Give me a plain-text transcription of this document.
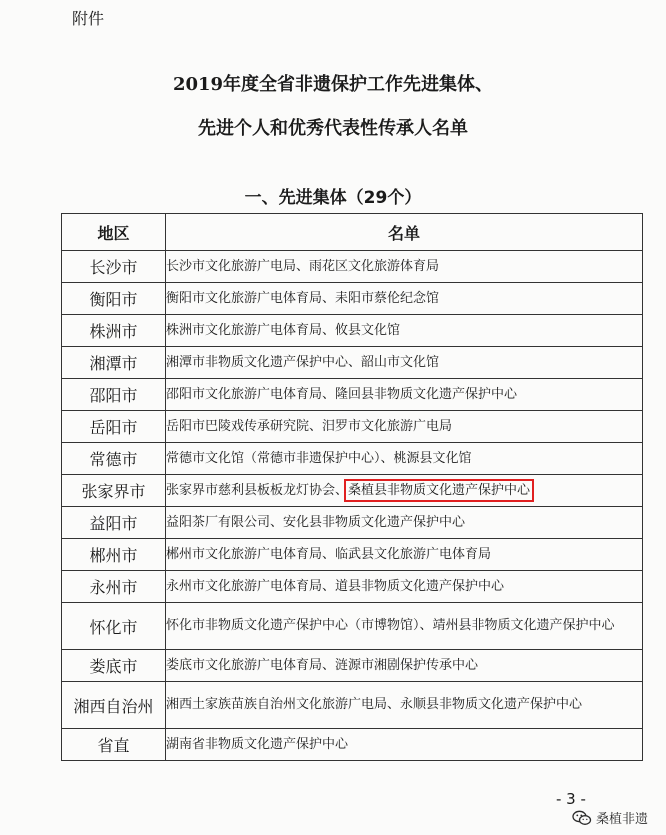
附件
2019年度全省非遗保护工作先进集体、
先进个人和优秀代表性传承人名单
一、先进集体（29个）
地区	名单
长沙市	长沙市文化旅游广电局、雨花区文化旅游体育局
衡阳市	衡阳市文化旅游广电体育局、耒阳市蔡伦纪念馆
株洲市	株洲市文化旅游广电体育局、攸县文化馆
湘潭市	湘潭市非物质文化遗产保护中心、韶山市文化馆
邵阳市	邵阳市文化旅游广电体育局、隆回县非物质文化遗产保护中心
岳阳市	岳阳市巴陵戏传承研究院、汨罗市文化旅游广电局
常德市	常德市文化馆（常德市非遗保护中心）、桃源县文化馆
张家界市	张家界市慈利县板板龙灯协会、桑植县非物质文化遗产保护中心
益阳市	益阳茶厂有限公司、安化县非物质文化遗产保护中心
郴州市	郴州市文化旅游广电体育局、临武县文化旅游广电体育局
永州市	永州市文化旅游广电体育局、道县非物质文化遗产保护中心
怀化市	怀化市非物质文化遗产保护中心（市博物馆）、靖州县非物质文化遗产保护中心
娄底市	娄底市文化旅游广电体育局、涟源市湘剧保护传承中心
湘西自治州	湘西土家族苗族自治州文化旅游广电局、永顺县非物质文化遗产保护中心
省直	湖南省非物质文化遗产保护中心
- 3 -
桑植非遗
